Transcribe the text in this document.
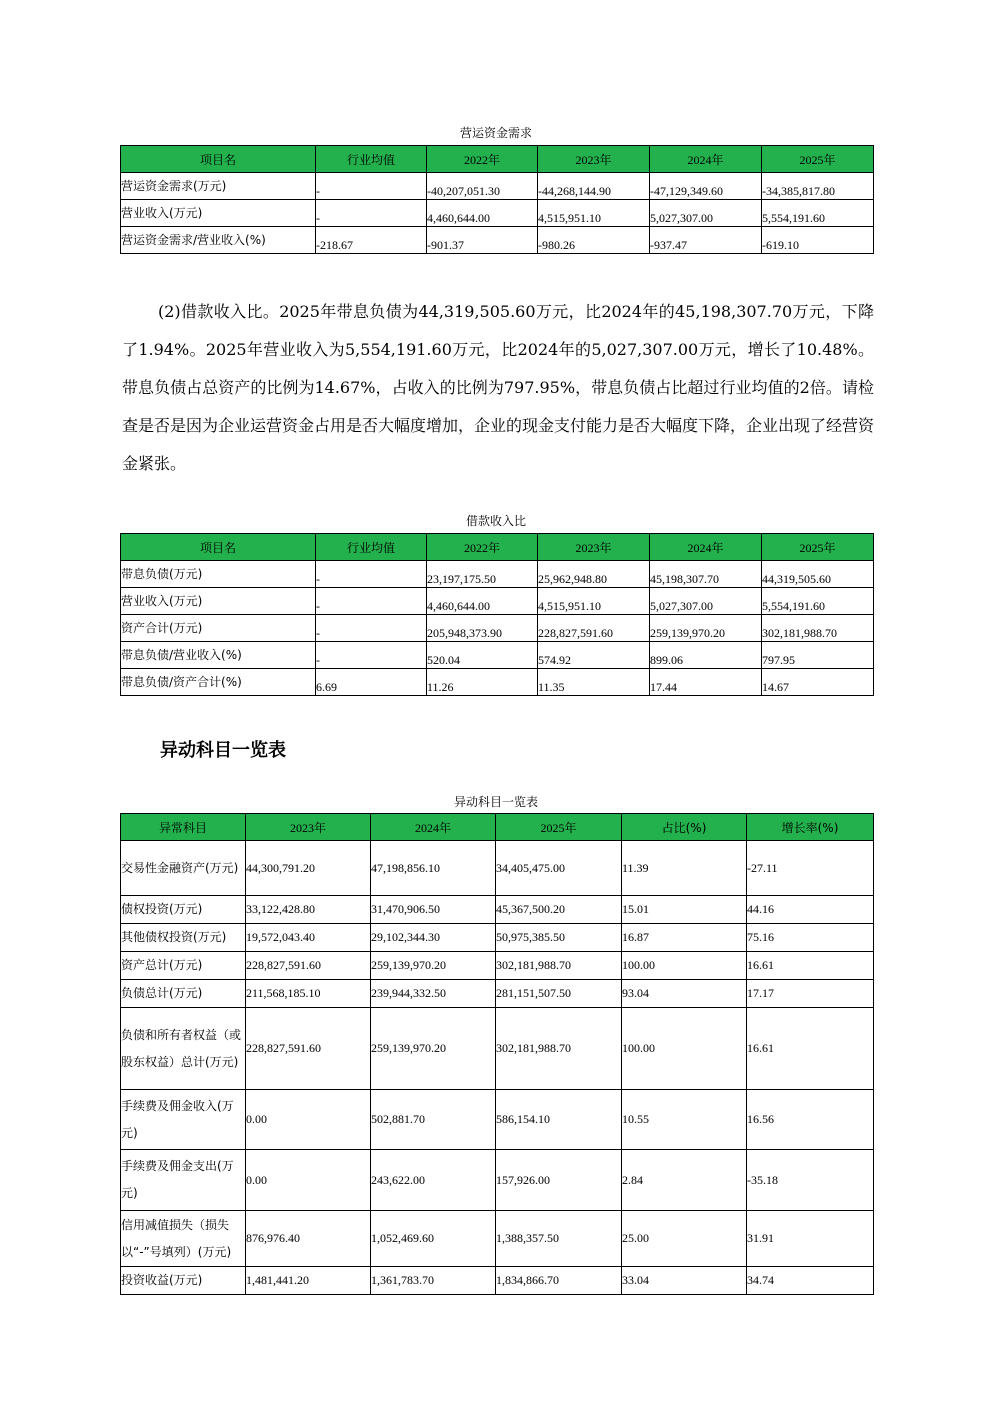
营运资金需求
项目名	行业均值	2022年	2023年	2024年	2025年
营运资金需求(万元)	-	-40,207,051.30	-44,268,144.90	-47,129,349.60	-34,385,817.80
营业收入(万元)	-	4,460,644.00	4,515,951.10	5,027,307.00	5,554,191.60
营运资金需求/营业收入(%)	-218.67	-901.37	-980.26	-937.47	-619.10

(2)借款收入比。2025年带息负债为44,319,505.60万元，比2024年的45,198,307.70万元，下降了1.94%。2025年营业收入为5,554,191.60万元，比2024年的5,027,307.00万元，增长了10.48%。带息负债占总资产的比例为14.67%，占收入的比例为797.95%，带息负债占比超过行业均值的2倍。请检查是否是因为企业运营资金占用是否大幅度增加，企业的现金支付能力是否大幅度下降，企业出现了经营资金紧张。

借款收入比
项目名	行业均值	2022年	2023年	2024年	2025年
带息负债(万元)	-	23,197,175.50	25,962,948.80	45,198,307.70	44,319,505.60
营业收入(万元)	-	4,460,644.00	4,515,951.10	5,027,307.00	5,554,191.60
资产合计(万元)	-	205,948,373.90	228,827,591.60	259,139,970.20	302,181,988.70
带息负债/营业收入(%)	-	520.04	574.92	899.06	797.95
带息负债/资产合计(%)	6.69	11.26	11.35	17.44	14.67
异动科目一览表
异动科目一览表
异常科目	2023年	2024年	2025年	占比(%)	增长率(%)
交易性金融资产(万元)	44,300,791.20	47,198,856.10	34,405,475.00	11.39	-27.11
债权投资(万元)	33,122,428.80	31,470,906.50	45,367,500.20	15.01	44.16
其他债权投资(万元)	19,572,043.40	29,102,344.30	50,975,385.50	16.87	75.16
资产总计(万元)	228,827,591.60	259,139,970.20	302,181,988.70	100.00	16.61
负债总计(万元)	211,568,185.10	239,944,332.50	281,151,507.50	93.04	17.17
负债和所有者权益（或股东权益）总计(万元)	228,827,591.60	259,139,970.20	302,181,988.70	100.00	16.61
手续费及佣金收入(万元)	0.00	502,881.70	586,154.10	10.55	16.56
手续费及佣金支出(万元)	0.00	243,622.00	157,926.00	2.84	-35.18
信用减值损失（损失以“-”号填列）(万元)	876,976.40	1,052,469.60	1,388,357.50	25.00	31.91
投资收益(万元)	1,481,441.20	1,361,783.70	1,834,866.70	33.04	34.74
